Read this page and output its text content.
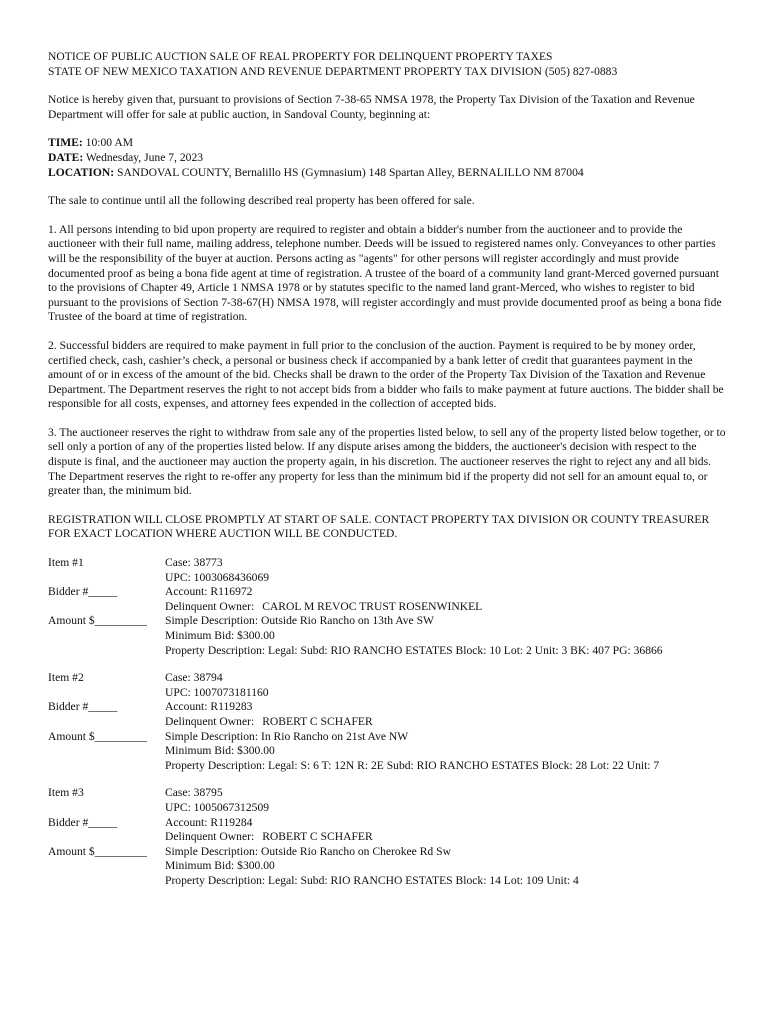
NOTICE OF PUBLIC AUCTION SALE OF REAL PROPERTY FOR DELINQUENT PROPERTY TAXES
STATE OF NEW MEXICO TAXATION AND REVENUE DEPARTMENT PROPERTY TAX DIVISION (505) 827-0883

Notice is hereby given that, pursuant to provisions of Section 7-38-65 NMSA 1978, the Property Tax Division of the Taxation and Revenue Department will offer for sale at public auction, in Sandoval County, beginning at:

TIME: 10:00 AM
DATE: Wednesday, June 7, 2023
LOCATION: SANDOVAL COUNTY, Bernalillo HS (Gymnasium) 148 Spartan Alley, BERNALILLO NM 87004

The sale to continue until all the following described real property has been offered for sale.

1. All persons intending to bid upon property are required to register and obtain a bidder's number from the auctioneer and to provide the auctioneer with their full name, mailing address, telephone number. Deeds will be issued to registered names only. Conveyances to other parties will be the responsibility of the buyer at auction. Persons acting as "agents" for other persons will register accordingly and must provide documented proof as being a bona fide agent at time of registration. A trustee of the board of a community land grant-Merced governed pursuant to the provisions of Chapter 49, Article 1 NMSA 1978 or by statutes specific to the named land grant-Merced, who wishes to register to bid pursuant to the provisions of Section 7-38-67(H) NMSA 1978, will register accordingly and must provide documented proof as being a bona fide Trustee of the board at time of registration.

2. Successful bidders are required to make payment in full prior to the conclusion of the auction. Payment is required to be by money order, certified check, cash, cashier’s check, a personal or business check if accompanied by a bank letter of credit that guarantees payment in the amount of or in excess of the amount of the bid. Checks shall be drawn to the order of the Property Tax Division of the Taxation and Revenue Department. The Department reserves the right to not accept bids from a bidder who fails to make payment at future auctions. The bidder shall be responsible for all costs, expenses, and attorney fees expended in the collection of accepted bids.

3. The auctioneer reserves the right to withdraw from sale any of the properties listed below, to sell any of the property listed below together, or to sell only a portion of any of the properties listed below. If any dispute arises among the bidders, the auctioneer's decision with respect to the dispute is final, and the auctioneer may auction the property again, in his discretion. The auctioneer reserves the right to reject any and all bids. The Department reserves the right to re-offer any property for less than the minimum bid if the property did not sell for an amount equal to, or greater than, the minimum bid.

REGISTRATION WILL CLOSE PROMPTLY AT START OF SALE. CONTACT PROPERTY TAX DIVISION OR COUNTY TREASURER FOR EXACT LOCATION WHERE AUCTION WILL BE CONDUCTED.

Item #1
Bidder #_____
Amount $_________
Case: 38773
UPC: 1003068436069
Account: R116972
Delinquent Owner: CAROL M REVOC TRUST ROSENWINKEL
Simple Description: Outside Rio Rancho on 13th Ave SW
Minimum Bid: $300.00
Property Description: Legal: Subd: RIO RANCHO ESTATES Block: 10 Lot: 2 Unit: 3 BK: 407 PG: 36866
Item #2
Bidder #_____
Amount $_________
Case: 38794
UPC: 1007073181160
Account: R119283
Delinquent Owner: ROBERT C SCHAFER
Simple Description: In Rio Rancho on 21st Ave NW
Minimum Bid: $300.00
Property Description: Legal: S: 6 T: 12N R: 2E Subd: RIO RANCHO ESTATES Block: 28 Lot: 22 Unit: 7
Item #3
Bidder #_____
Amount $_________
Case: 38795
UPC: 1005067312509
Account: R119284
Delinquent Owner: ROBERT C SCHAFER
Simple Description: Outside Rio Rancho on Cherokee Rd Sw
Minimum Bid: $300.00
Property Description: Legal: Subd: RIO RANCHO ESTATES Block: 14 Lot: 109 Unit: 4
